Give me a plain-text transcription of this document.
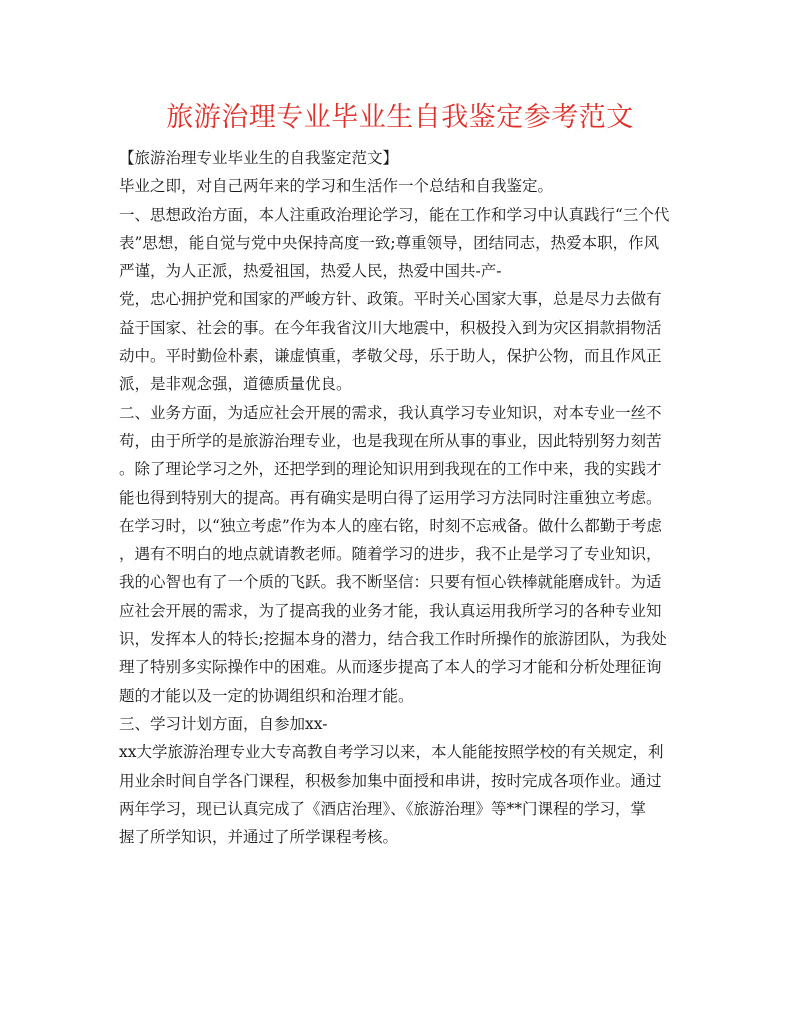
旅游治理专业毕业生自我鉴定参考范文
【旅游治理专业毕业生的自我鉴定范文】
毕业之即，对自己两年来的学习和生活作一个总结和自我鉴定。
一、思想政治方面，本人注重政治理论学习，能在工作和学习中认真践行“三个代
表”思想，能自觉与党中央保持高度一致;尊重领导，团结同志，热爱本职，作风
严谨，为人正派，热爱祖国，热爱人民，热爱中国共-产-
党，忠心拥护党和国家的严峻方针、政策。平时关心国家大事，总是尽力去做有
益于国家、社会的事。在今年我省汶川大地震中，积极投入到为灾区捐款捐物活
动中。平时勤俭朴素，谦虚慎重，孝敬父母，乐于助人，保护公物，而且作风正
派，是非观念强，道德质量优良。
二、业务方面，为适应社会开展的需求，我认真学习专业知识，对本专业一丝不
苟，由于所学的是旅游治理专业，也是我现在所从事的事业，因此特别努力刻苦
。除了理论学习之外，还把学到的理论知识用到我现在的工作中来，我的实践才
能也得到特别大的提高。再有确实是明白得了运用学习方法同时注重独立考虑。
在学习时，以“独立考虑”作为本人的座右铭，时刻不忘戒备。做什么都勤于考虑
，遇有不明白的地点就请教老师。随着学习的进步，我不止是学习了专业知识，
我的心智也有了一个质的飞跃。我不断坚信：只要有恒心铁棒就能磨成针。为适
应社会开展的需求，为了提高我的业务才能，我认真运用我所学习的各种专业知
识，发挥本人的特长;挖掘本身的潜力，结合我工作时所操作的旅游团队，为我处
理了特别多实际操作中的困难。从而逐步提高了本人的学习才能和分析处理征询
题的才能以及一定的协调组织和治理才能。
三、学习计划方面，自参加xx-
xx大学旅游治理专业大专高教自考学习以来，本人能能按照学校的有关规定，利
用业余时间自学各门课程，积极参加集中面授和串讲，按时完成各项作业。通过
两年学习，现已认真完成了《酒店治理》、《旅游治理》等**门课程的学习，掌
握了所学知识，并通过了所学课程考核。
